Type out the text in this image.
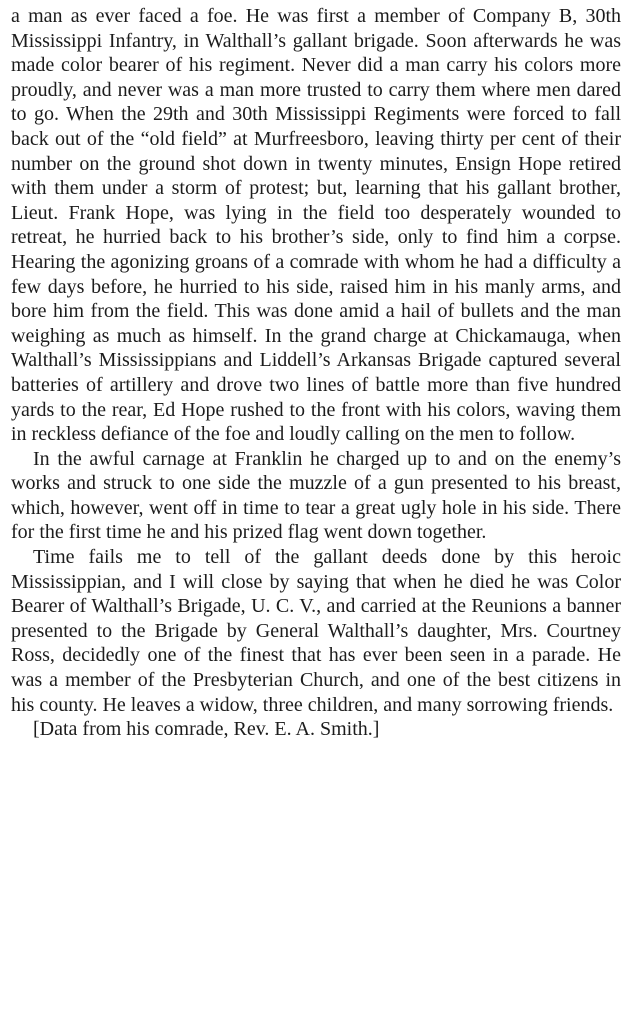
a man as ever faced a foe. He was first a member of Company B, 30th Mississippi Infantry, in Walthall’s gallant brigade. Soon afterwards he was made color bearer of his regiment. Never did a man carry his colors more proudly, and never was a man more trusted to carry them where men dared to go. When the 29th and 30th Mississippi Regiments were forced to fall back out of the “old field” at Murfreesboro, leaving thirty per cent of their number on the ground shot down in twenty minutes, Ensign Hope retired with them under a storm of protest; but, learning that his gallant brother, Lieut. Frank Hope, was lying in the field too desperately wounded to retreat, he hurried back to his brother’s side, only to find him a corpse. Hearing the agonizing groans of a comrade with whom he had a difficulty a few days before, he hurried to his side, raised him in his manly arms, and bore him from the field. This was done amid a hail of bullets and the man weighing as much as himself. In the grand charge at Chickamauga, when Walthall’s Mississippians and Liddell’s Arkansas Brigade captured several batteries of artillery and drove two lines of battle more than five hundred yards to the rear, Ed Hope rushed to the front with his colors, waving them in reckless defiance of the foe and loudly calling on the men to follow.

In the awful carnage at Franklin he charged up to and on the enemy’s works and struck to one side the muzzle of a gun presented to his breast, which, however, went off in time to tear a great ugly hole in his side. There for the first time he and his prized flag went down together.

Time fails me to tell of the gallant deeds done by this heroic Mississippian, and I will close by saying that when he died he was Color Bearer of Walthall’s Brigade, U. C. V., and carried at the Reunions a banner presented to the Brigade by General Walthall’s daughter, Mrs. Courtney Ross, decidedly one of the finest that has ever been seen in a parade. He was a member of the Presbyterian Church, and one of the best citizens in his county. He leaves a widow, three children, and many sorrowing friends.

[Data from his comrade, Rev. E. A. Smith.]
